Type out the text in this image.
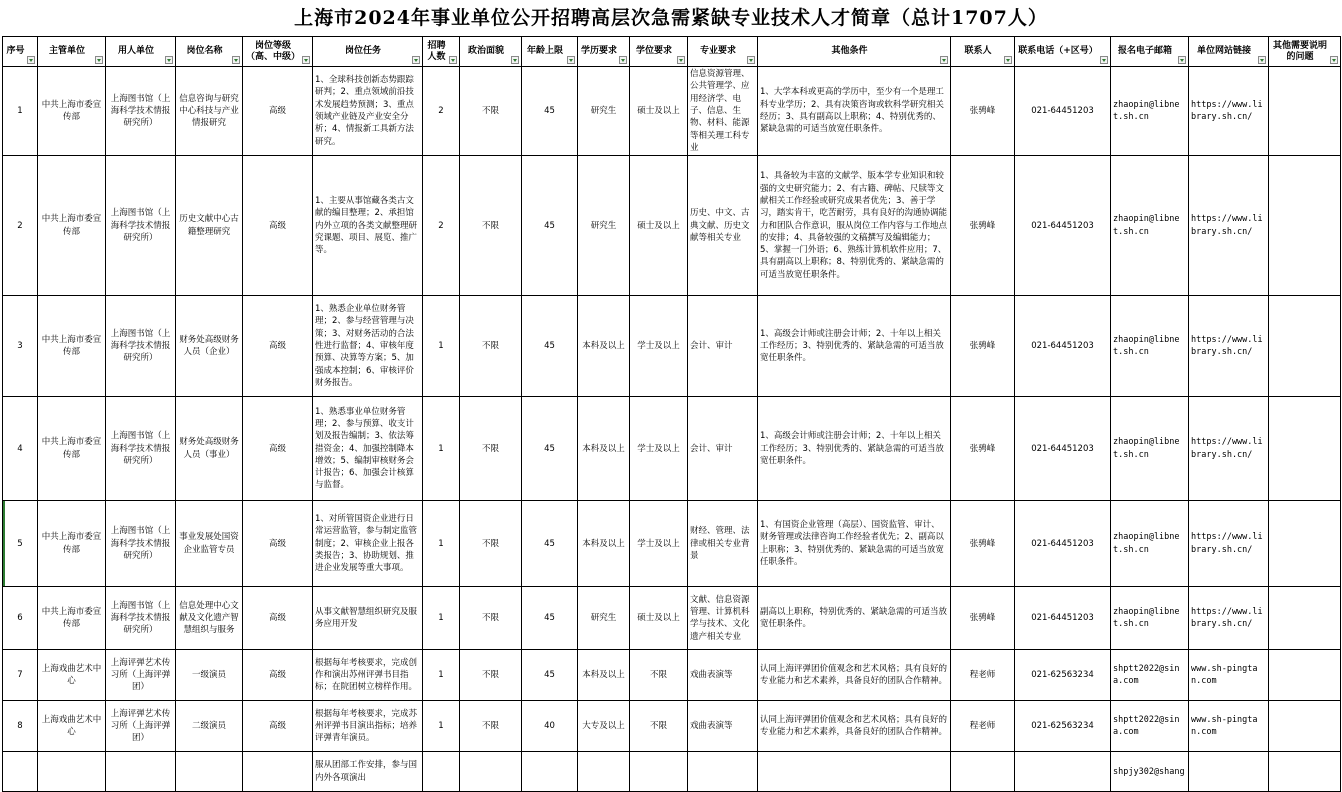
上海市2024年事业单位公开招聘高层次急需紧缺专业技术人才简章（总计1707人）
序号	主管单位	用人单位	岗位名称	岗位等级（高、中级）	岗位任务	招聘人数	政治面貌	年龄上限	学历要求	学位要求	专业要求	其他条件	联系人	联系电话（+区号）	报名电子邮箱	单位网站链接	其他需要说明的问题

1	中共上海市委宣传部	上海图书馆（上海科学技术情报研究所）	信息咨询与研究中心科技与产业情报研究	高级	1、全球科技创新态势跟踪研判；2、重点领域前沿技术发展趋势预测；3、重点领域产业链及产业安全分析；4、情报新工具新方法研究。	2	不限	45	研究生	硕士及以上	信息资源管理、公共管理学、应用经济学、电子、信息、生物、材料、能源等相关理工科专业	1、大学本科或更高的学历中，至少有一个是理工科专业学历；2、具有决策咨询或软科学研究相关经历；3、具有副高以上职称；4、特别优秀的、紧缺急需的可适当放宽任职条件。	张骋峰	021-64451203	zhaopin@libnet.sh.cn	https://www.library.sh.cn/	
2	中共上海市委宣传部	上海图书馆（上海科学技术情报研究所）	历史文献中心古籍整理研究	高级	1、主要从事馆藏各类古文献的编目整理；2、承担馆内外立项的各类文献整理研究课题、项目、展览、推广等。	2	不限	45	研究生	硕士及以上	历史、中文、古典文献、历史文献等相关专业	1、具备较为丰富的文献学、版本学专业知识和较强的文史研究能力；2、有古籍、碑帖、尺牍等文献相关工作经验或研究成果者优先；3、善于学习，踏实肯干，吃苦耐劳，具有良好的沟通协调能力和团队合作意识，服从岗位工作内容与工作地点的安排；4、具备较强的文稿撰写及编辑能力；5、掌握一门外语；6、熟练计算机软件应用；7、具有副高以上职称；8、特别优秀的、紧缺急需的可适当放宽任职条件。	张骋峰	021-64451203	zhaopin@libnet.sh.cn	https://www.library.sh.cn/	
3	中共上海市委宣传部	上海图书馆（上海科学技术情报研究所）	财务处高级财务人员（企业）	高级	1、熟悉企业单位财务管理；2、参与经营管理与决策；3、对财务活动的合法性进行监督；4、审核年度预算、决算等方案；5、加强成本控制；6、审核评价财务报告。	1	不限	45	本科及以上	学士及以上	会计、审计	1、高级会计师或注册会计师；2、十年以上相关工作经历；3、特别优秀的、紧缺急需的可适当放宽任职条件。	张骋峰	021-64451203	zhaopin@libnet.sh.cn	https://www.library.sh.cn/	
4	中共上海市委宣传部	上海图书馆（上海科学技术情报研究所）	财务处高级财务人员（事业）	高级	1、熟悉事业单位财务管理；2、参与预算、收支计划及报告编制；3、依法筹措资金；4、加强控制降本增效；5、编制审核财务会计报告；6、加强会计核算与监督。	1	不限	45	本科及以上	学士及以上	会计、审计	1、高级会计师或注册会计师；2、十年以上相关工作经历；3、特别优秀的、紧缺急需的可适当放宽任职条件。	张骋峰	021-64451203	zhaopin@libnet.sh.cn	https://www.library.sh.cn/	
5	中共上海市委宣传部	上海图书馆（上海科学技术情报研究所）	事业发展处国资企业监管专员	高级	1、对所管国资企业进行日常运营监管，参与制定监管制度；2、审核企业上报各类报告；3、协助规划、推进企业发展等重大事项。	1	不限	45	本科及以上	学士及以上	财经、管理、法律或相关专业背景	1、有国资企业管理（高层）、国资监管、审计、财务管理或法律咨询工作经验者优先；2、副高以上职称；3、特别优秀的、紧缺急需的可适当放宽任职条件。	张骋峰	021-64451203	zhaopin@libnet.sh.cn	https://www.library.sh.cn/	
6	中共上海市委宣传部	上海图书馆（上海科学技术情报研究所）	信息处理中心文献及文化遗产智慧组织与服务	高级	从事文献智慧组织研究及服务应用开发	1	不限	45	研究生	硕士及以上	文献、信息资源管理、计算机科学与技术、文化遗产相关专业	副高以上职称，特别优秀的、紧缺急需的可适当放宽任职条件。	张骋峰	021-64451203	zhaopin@libnet.sh.cn	https://www.library.sh.cn/	
7	上海戏曲艺术中心	上海评弹艺术传习所（上海评弹团）	一级演员	高级	根据每年考核要求，完成创作和演出苏州评弹书目指标；在院团树立榜样作用。	1	不限	45	本科及以上	不限	戏曲表演等	认同上海评弹团价值观念和艺术风格；具有良好的专业能力和艺术素养，具备良好的团队合作精神。	程老师	021-62563234	shptt2022@sina.com	www.sh-pingtan.com	
8	上海戏曲艺术中心	上海评弹艺术传习所（上海评弹团）	二级演员	高级	根据每年考核要求，完成苏州评弹书目演出指标；培养评弹青年演员。	1	不限	40	大专及以上	不限	戏曲表演等	认同上海评弹团价值观念和艺术风格；具有良好的专业能力和艺术素养，具备良好的团队合作精神。	程老师	021-62563234	shptt2022@sina.com	www.sh-pingtan.com	
					服从团部工作安排，参与国内外各项演出										shpjy302@shang		
